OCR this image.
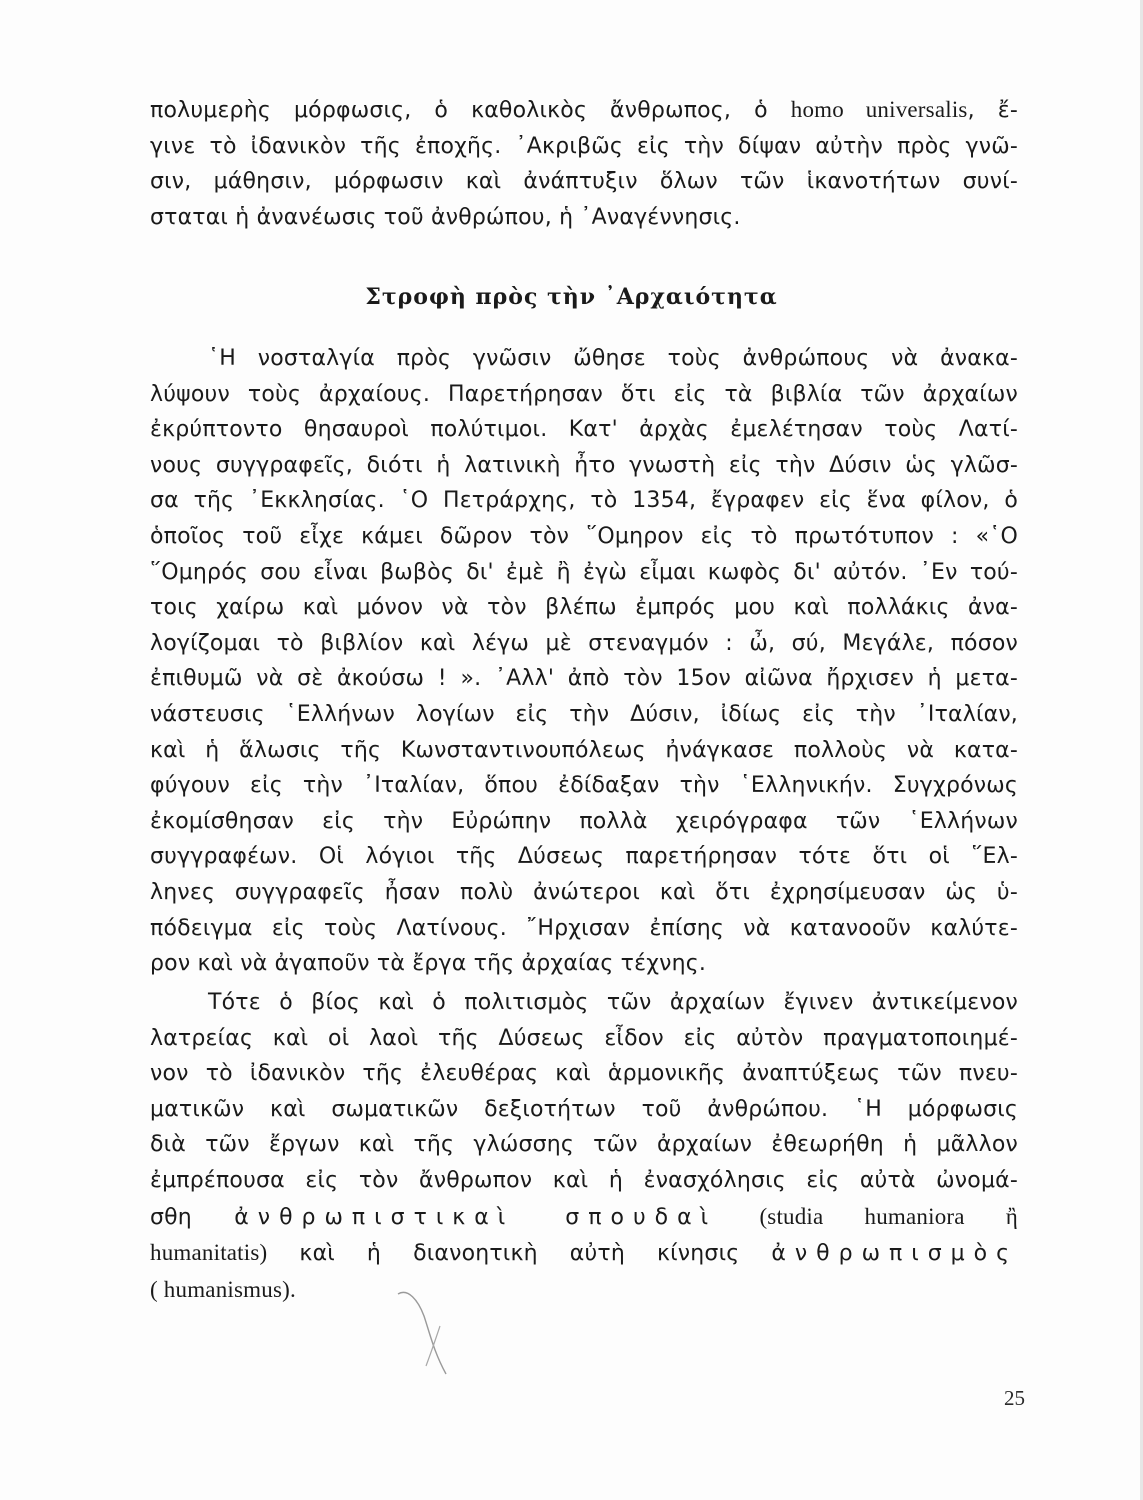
πολυμερὴς μόρφωσις, ὁ καθολικὸς ἄνθρωπος, ὁ homo universalis, ἔ-
γινε τὸ ἰδανικὸν τῆς ἐποχῆς. ᾿Ακριβῶς εἰς τὴν δίψαν αὐτὴν πρὸς γνῶ-
σιν, μάθησιν, μόρφωσιν καὶ ἀνάπτυξιν ὅλων τῶν ἱκανοτήτων συνί-
σταται ἡ ἀνανέωσις τοῦ ἀνθρώπου, ἡ ᾿Αναγέννησις.
Στροφὴ πρὸς τὴν ᾿Αρχαιότητα
῾Η νοσταλγία πρὸς γνῶσιν ὤθησε τοὺς ἀνθρώπους νὰ ἀνακα-
λύψουν τοὺς ἀρχαίους. Παρετήρησαν ὅτι εἰς τὰ βιβλία τῶν ἀρχαίων
ἐκρύπτοντο θησαυροὶ πολύτιμοι. Κατ' ἀρχὰς ἐμελέτησαν τοὺς Λατί-
νους συγγραφεῖς, διότι ἡ λατινικὴ ἦτο γνωστὴ εἰς τὴν Δύσιν ὡς γλῶσ-
σα τῆς ᾿Εκκλησίας. ῾Ο Πετράρχης, τὸ 1354, ἔγραφεν εἰς ἕνα φίλον, ὁ
ὁποῖος τοῦ εἶχε κάμει δῶρον τὸν ῞Ομηρον εἰς τὸ πρωτότυπον : «῾Ο
῞Ομηρός σου εἶναι βωβὸς δι' ἐμὲ ἢ ἐγὼ εἶμαι κωφὸς δι' αὐτόν. ᾿Εν τού-
τοις χαίρω καὶ μόνον νὰ τὸν βλέπω ἐμπρός μου καὶ πολλάκις ἀνα-
λογίζομαι τὸ βιβλίον καὶ λέγω μὲ στεναγμόν : ὦ, σύ, Μεγάλε, πόσον
ἐπιθυμῶ νὰ σὲ ἀκούσω ! ». ᾿Αλλ' ἀπὸ τὸν 15ον αἰῶνα ἤρχισεν ἡ μετα-
νάστευσις ῾Ελλήνων λογίων εἰς τὴν Δύσιν, ἰδίως εἰς τὴν ᾿Ιταλίαν,
καὶ ἡ ἅλωσις τῆς Κωνσταντινουπόλεως ἠνάγκασε πολλοὺς νὰ κατα-
φύγουν εἰς τὴν ᾿Ιταλίαν, ὅπου ἐδίδαξαν τὴν ῾Ελληνικήν. Συγχρόνως
ἐκομίσθησαν εἰς τὴν Εὐρώπην πολλὰ χειρόγραφα τῶν ῾Ελλήνων
συγγραφέων. Οἱ λόγιοι τῆς Δύσεως παρετήρησαν τότε ὅτι οἱ ῞Ελ-
ληνες συγγραφεῖς ἦσαν πολὺ ἀνώτεροι καὶ ὅτι ἐχρησίμευσαν ὡς ὑ-
πόδειγμα εἰς τοὺς Λατίνους. ῎Ηρχισαν ἐπίσης νὰ κατανοοῦν καλύτε-
ρον καὶ νὰ ἀγαποῦν τὰ ἔργα τῆς ἀρχαίας τέχνης.
Τότε ὁ βίος καὶ ὁ πολιτισμὸς τῶν ἀρχαίων ἔγινεν ἀντικείμενον
λατρείας καὶ οἱ λαοὶ τῆς Δύσεως εἶδον εἰς αὐτὸν πραγματοποιημέ-
νον τὸ ἰδανικὸν τῆς ἐλευθέρας καὶ ἁρμονικῆς ἀναπτύξεως τῶν πνευ-
ματικῶν καὶ σωματικῶν δεξιοτήτων τοῦ ἀνθρώπου. ῾Η μόρφωσις
διὰ τῶν ἔργων καὶ τῆς γλώσσης τῶν ἀρχαίων ἐθεωρήθη ἡ μᾶλλον
ἐμπρέπουσα εἰς τὸν ἄνθρωπον καὶ ἡ ἐνασχόλησις εἰς αὐτὰ ὠνομά-
σθη ἀνθρωπιστικαὶ σπουδαὶ (studia humaniora ἢ
humanitatis) καὶ ἡ διανοητικὴ αὐτὴ κίνησις ἀνθρωπισμὸς
( humanismus).
25
